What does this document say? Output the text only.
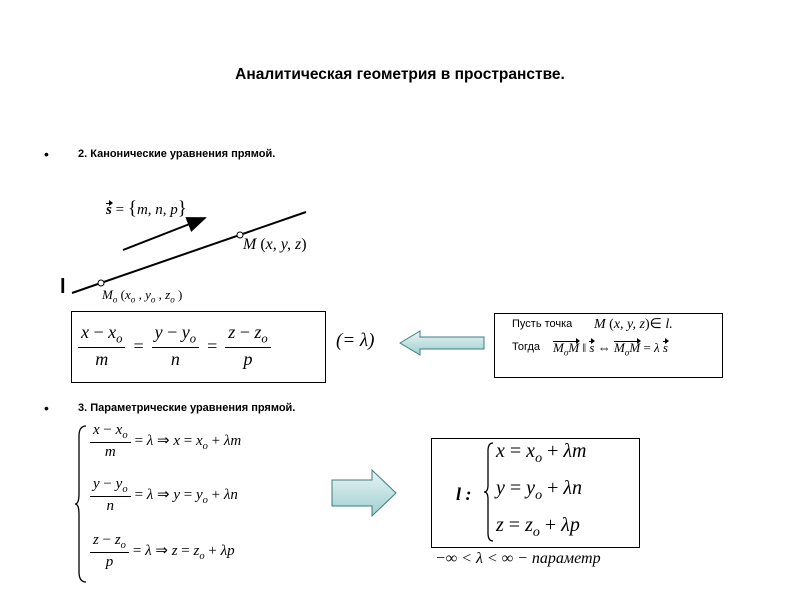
Аналитическая геометрия в пространстве.
•	2. Канонические уравнения прямой.
l
s = {m, n, p}
M (x, y, z)
$M_o$ ($x_o$ , $y_o$ , $z_o$ )
$\frac{x - x_o}{m} = \frac{y - y_o}{n} = \frac{z - z_o}{p}$	(= λ)
Пусть точка M (x, y, z)∈ l.
Тогда $M_oM$ ‖ s ⇔ $M_oM = \lambda$ s
•	3. Параметрические уравнения прямой.
$\frac{x - x_o}{m} = \lambda$ ⇒ $x = x_o + \lambda m$
$\frac{y - y_o}{n} = \lambda$ ⇒ $y = y_o + \lambda n$
$\frac{z - z_o}{p} = \lambda$ ⇒ $z = z_o + \lambda p$
l :
$x = x_o + \lambda m$
$y = y_o + \lambda n$
$z = z_o + \lambda p$
−∞ < λ < ∞ − параметр
